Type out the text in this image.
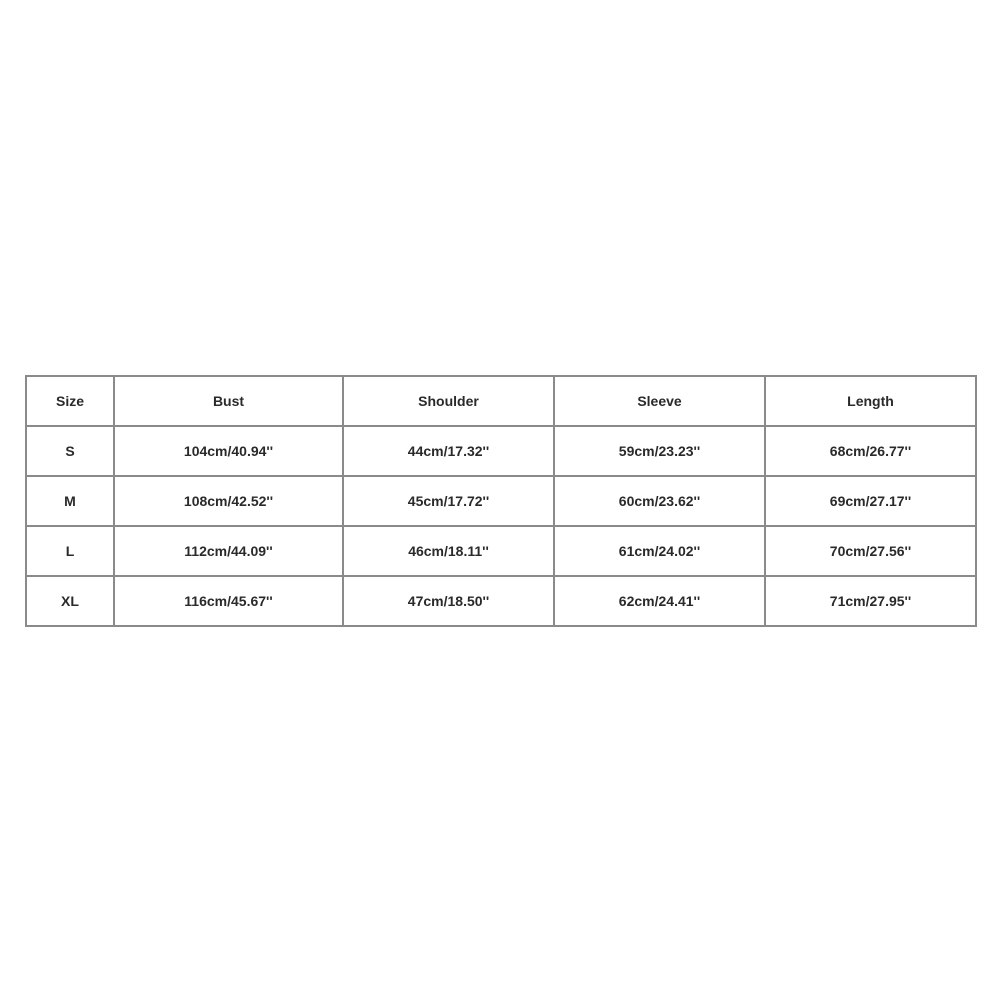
Size	Bust	Shoulder	Sleeve	Length
S	104cm/40.94''	44cm/17.32''	59cm/23.23''	68cm/26.77''
M	108cm/42.52''	45cm/17.72''	60cm/23.62''	69cm/27.17''
L	112cm/44.09''	46cm/18.11''	61cm/24.02''	70cm/27.56''
XL	116cm/45.67''	47cm/18.50''	62cm/24.41''	71cm/27.95''
